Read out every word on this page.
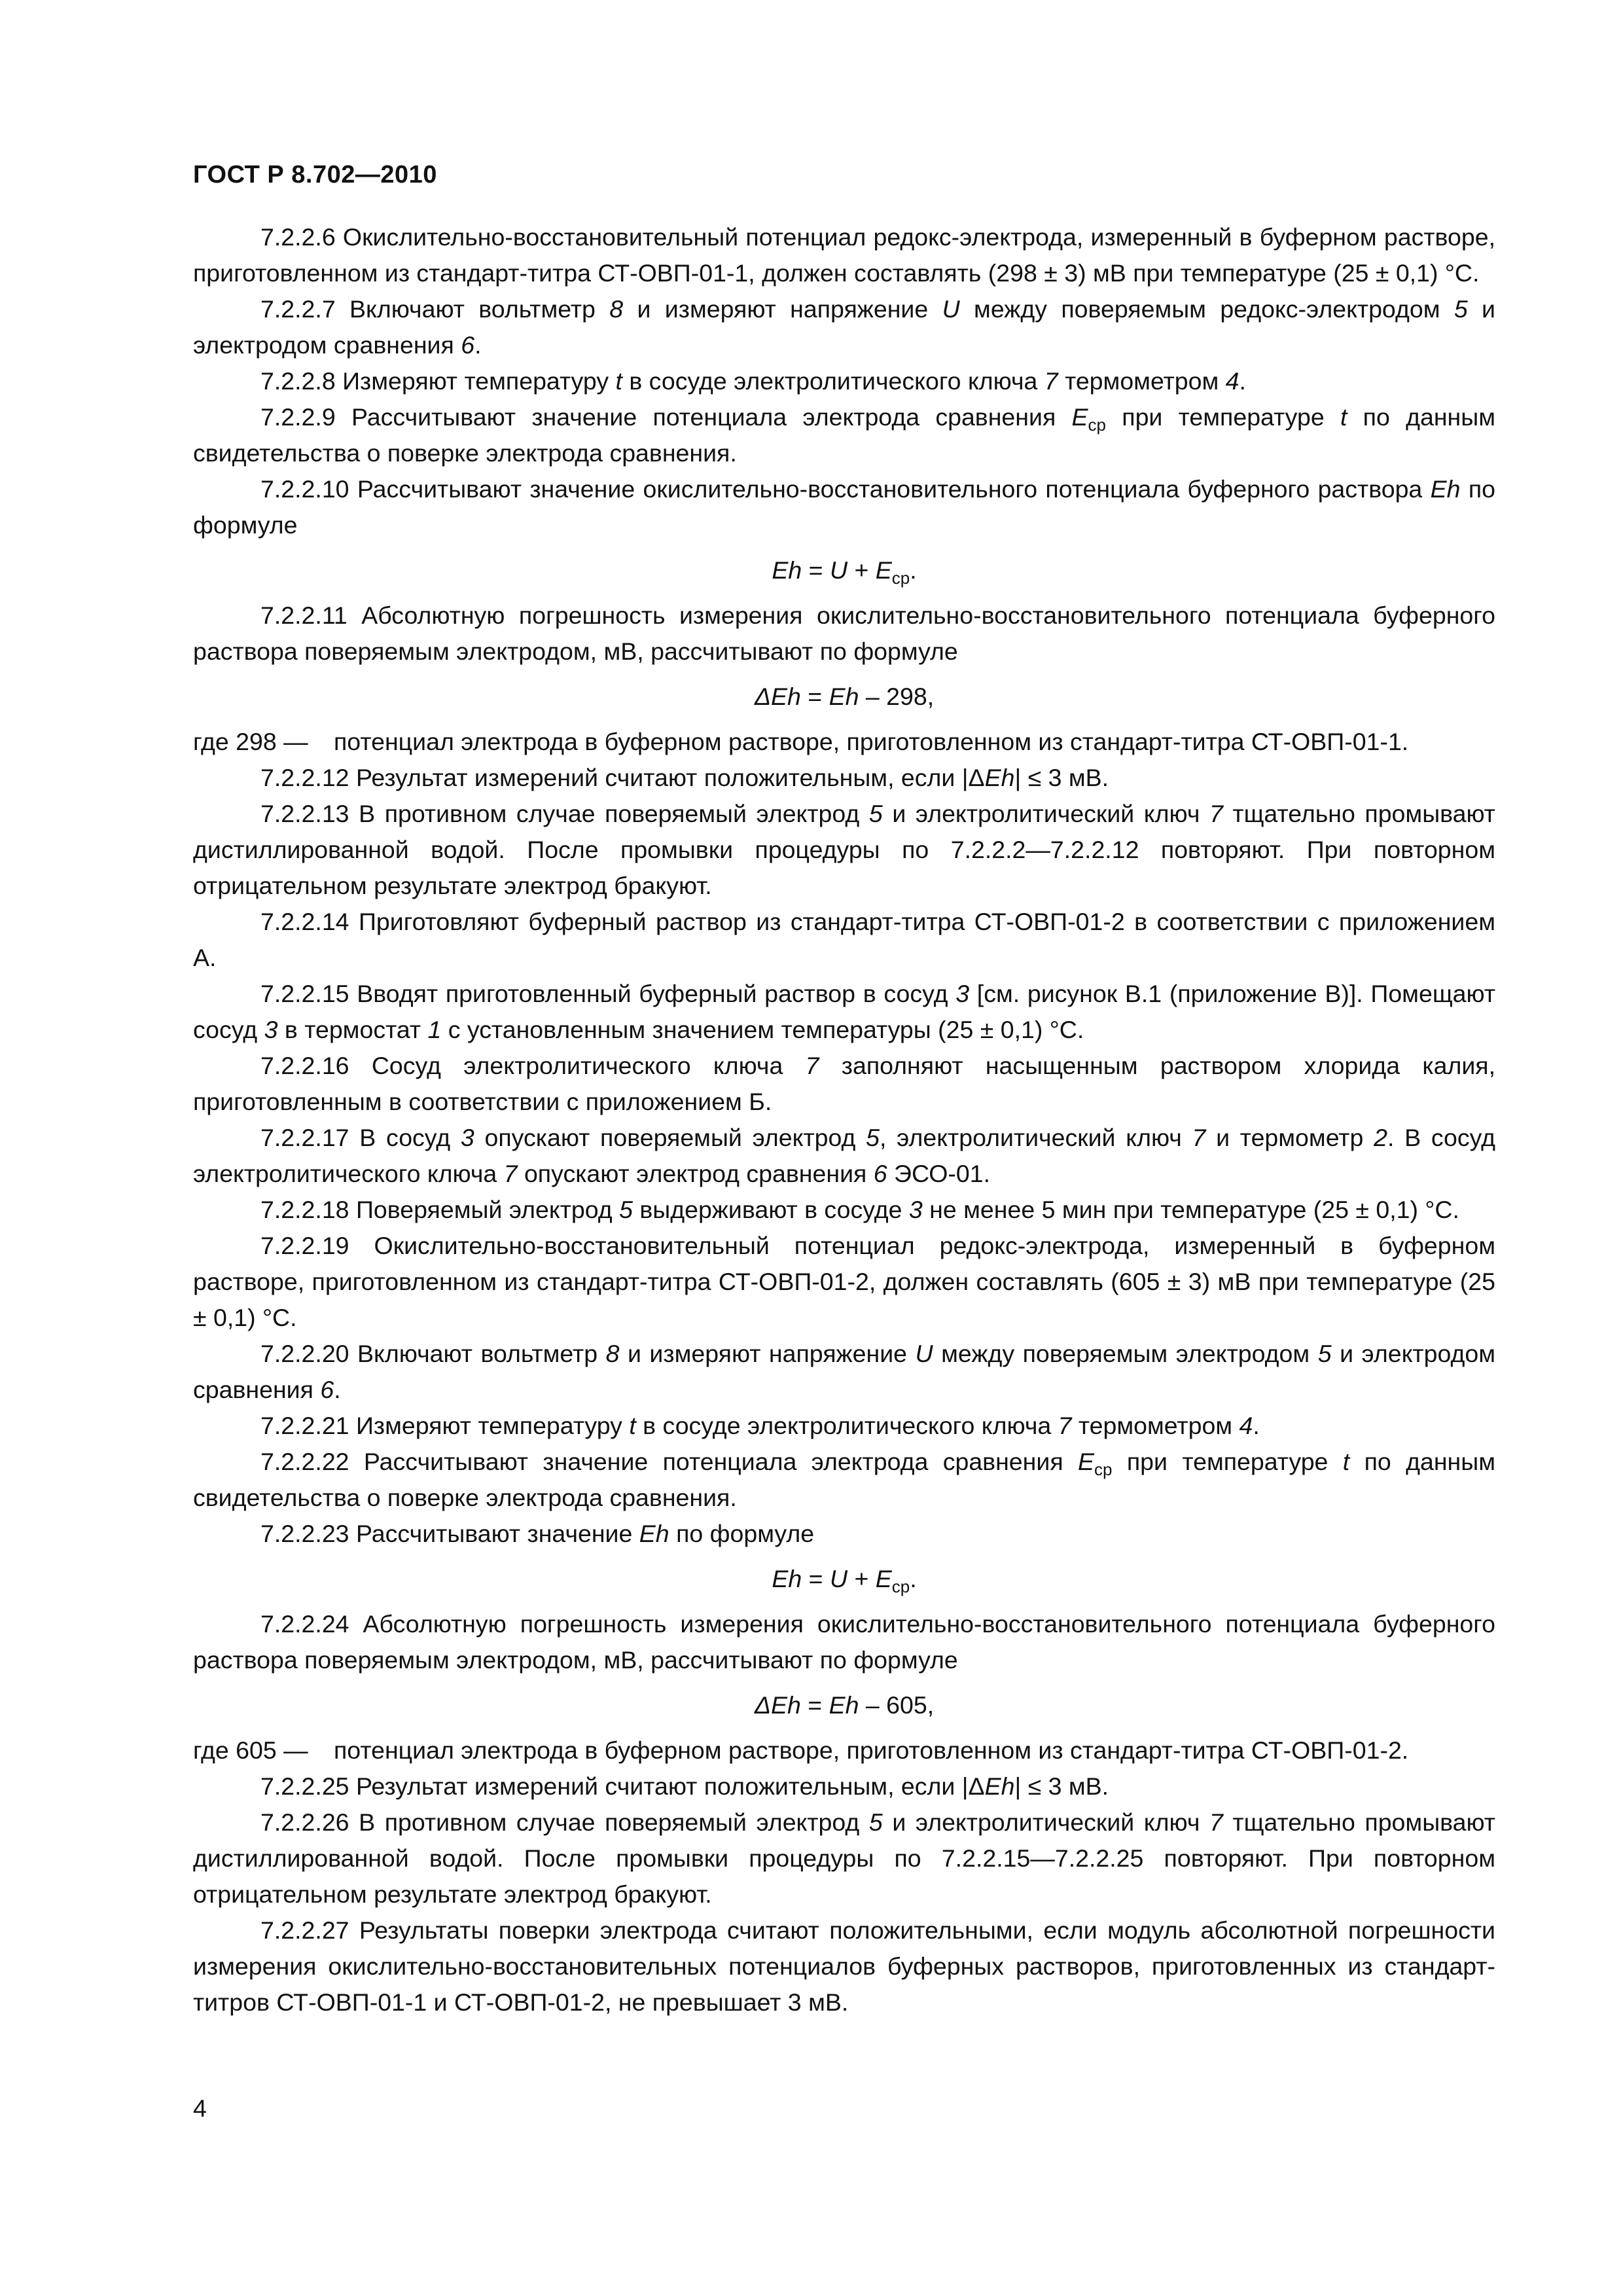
ГОСТ Р 8.702—2010

7.2.2.6 Окислительно-восстановительный потенциал редокс-электрода, измеренный в буферном растворе, приготовленном из стандарт-титра СТ-ОВП-01-1, должен составлять (298 ± 3) мВ при температуре (25 ± 0,1) °С.

7.2.2.7 Включают вольтметр 8 и измеряют напряжение U между поверяемым редокс-электродом 5 и электродом сравнения 6.

7.2.2.8 Измеряют температуру t в сосуде электролитического ключа 7 термометром 4.

7.2.2.9 Рассчитывают значение потенциала электрода сравнения $E_{ср}$ при температуре t по данным свидетельства о поверке электрода сравнения.

7.2.2.10 Рассчитывают значение окислительно-восстановительного потенциала буферного раствора Eh по формуле

$Eh = U + E_{ср}$.

7.2.2.11 Абсолютную погрешность измерения окислительно-восстановительного потенциала буферного раствора поверяемым электродом, мВ, рассчитывают по формуле

ΔEh = Eh – 298,
где 298 —	потенциал электрода в буферном растворе, приготовленном из стандарт-титра СТ-ОВП-01-1.

7.2.2.12 Результат измерений считают положительным, если |ΔEh| ≤ 3 мВ.

7.2.2.13 В противном случае поверяемый электрод 5 и электролитический ключ 7 тщательно промывают дистиллированной водой. После промывки процедуры по 7.2.2.2—7.2.2.12 повторяют. При повторном отрицательном результате электрод бракуют.

7.2.2.14 Приготовляют буферный раствор из стандарт-титра СТ-ОВП-01-2 в соответствии с приложением А.

7.2.2.15 Вводят приготовленный буферный раствор в сосуд 3 [см. рисунок В.1 (приложение В)]. Помещают сосуд 3 в термостат 1 с установленным значением температуры (25 ± 0,1) °С.

7.2.2.16 Сосуд электролитического ключа 7 заполняют насыщенным раствором хлорида калия, приготовленным в соответствии с приложением Б.

7.2.2.17 В сосуд 3 опускают поверяемый электрод 5, электролитический ключ 7 и термометр 2. В сосуд электролитического ключа 7 опускают электрод сравнения 6 ЭСО-01.

7.2.2.18 Поверяемый электрод 5 выдерживают в сосуде 3 не менее 5 мин при температуре (25 ± 0,1) °С.

7.2.2.19 Окислительно-восстановительный потенциал редокс-электрода, измеренный в буферном растворе, приготовленном из стандарт-титра СТ-ОВП-01-2, должен составлять (605 ± 3) мВ при температуре (25 ± 0,1) °С.

7.2.2.20 Включают вольтметр 8 и измеряют напряжение U между поверяемым электродом 5 и электродом сравнения 6.

7.2.2.21 Измеряют температуру t в сосуде электролитического ключа 7 термометром 4.

7.2.2.22 Рассчитывают значение потенциала электрода сравнения $E_{ср}$ при температуре t по данным свидетельства о поверке электрода сравнения.

7.2.2.23 Рассчитывают значение Eh по формуле

$Eh = U + E_{ср}$.

7.2.2.24 Абсолютную погрешность измерения окислительно-восстановительного потенциала буферного раствора поверяемым электродом, мВ, рассчитывают по формуле

ΔEh = Eh – 605,
где 605 —	потенциал электрода в буферном растворе, приготовленном из стандарт-титра СТ-ОВП-01-2.

7.2.2.25 Результат измерений считают положительным, если |ΔEh| ≤ 3 мВ.

7.2.2.26 В противном случае поверяемый электрод 5 и электролитический ключ 7 тщательно промывают дистиллированной водой. После промывки процедуры по 7.2.2.15—7.2.2.25 повторяют. При повторном отрицательном результате электрод бракуют.

7.2.2.27 Результаты поверки электрода считают положительными, если модуль абсолютной погрешности измерения окислительно-восстановительных потенциалов буферных растворов, приготовленных из стандарт-титров СТ-ОВП-01-1 и СТ-ОВП-01-2, не превышает 3 мВ.

4
